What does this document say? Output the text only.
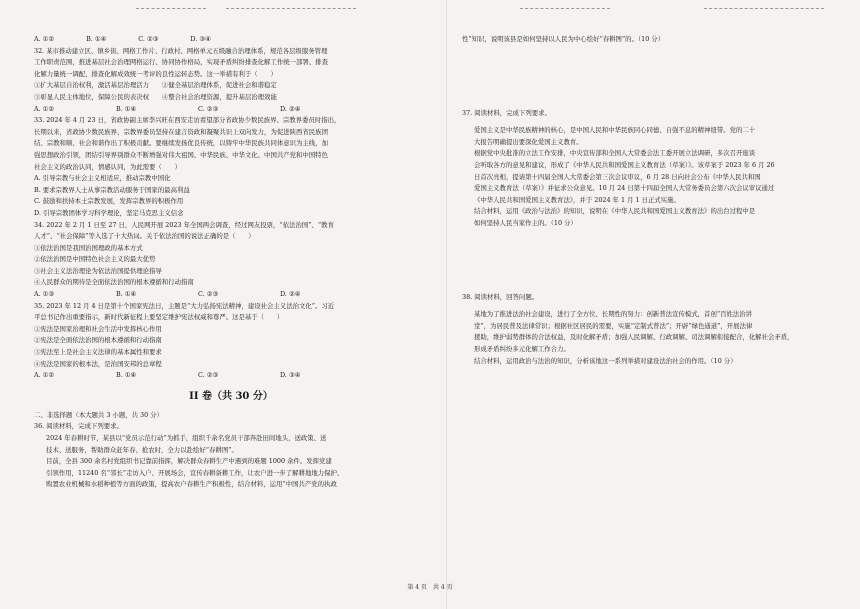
A. ①②　　　　　B. ①④　　　　　C. ②③　　　　　D. ③④
32. 某市推动建立区、镇乡街、网格工作片、行政村、网格单元五级融合治理体系，规范各层级服务管理
工作职责范围，推进基层社会治理网格运行、协同协作格局，实现矛盾纠纷排查化解工作统一部署、排查
化解力量统一调配、排查化解成效统一考评的良性运转态势。这一举措有利于（　　）
①扩大基层自治权利，激活基层治理活力　　②健全基层治理体系，促进社会和谐稳定
③彰显人民主体地位，保障公民的表决权　　④整合社会治理资源，提升基层治理效能
A. ①②	B. ①④	C. ②③	D. ②④
33. 2024 年 4 月 23 日，省政协副主席李兴旺在西安走访看望部分省政协少数民族界、宗教界委员时指出，
长期以来，省政协少数民族界、宗教界委员坚持在建言资政和凝聚共识上双向发力，为促进陕西省民族团
结、宗教和顺、社会和谐作出了积极贡献。要继续发扬优良传统，以铸牢中华民族共同体意识为主线，加
强思想政治引领，团结引导界别群众不断增强对伟大祖国、中华民族、中华文化、中国共产党和中国特色
社会主义的政治认同，情感认同，为此需要（　　）
A. 引导宗教与社会主义相适应，推动宗教中国化
B. 要求宗教界人士从事宗教活动服务于国家的最高利益
C. 鼓励和扶持本土宗教发展，发挥宗教界的积极作用
D. 引导宗教团体学习科学理论，坚定马克思主义信念
34. 2022 年 2 月 1 日至 27 日，人民网开展 2023 年全国两会调查，经过网友投票，“依法治国”、“教育
人才”、“社会保障”等入选了十大热词。关于依法治国的说法正确的是（　　）
①依法治国是我国治国理政的基本方式
②依法治国是中国特色社会主义的最大优势
③社会主义法治理论为依法治国提供理论指导
④人民群众的期待是全面依法治国的根本遵循和行动指南
A. ①③	B. ①④	C. ②③	D. ②④
35. 2023 年 12 月 4 日是第十个国家宪法日，主题是“大力弘扬宪法精神，建设社会主义法治文化”。习近
平总书记作出重要指示，新时代新征程上要坚定维护宪法权威和尊严。这是基于（　　）
①宪法是国家治理和社会生活中发挥核心作用
②宪法是全面依法治国的根本遵循和行动指南
③宪法至上是社会主义法律的基本属性和要求
④宪法是国家的根本法，是治国安邦的总章程
A. ①②	B. ①④	C. ②③	D. ③④
II 卷（共 30 分）
二、非选择题（本大题共 3 小题，共 30 分）
36. 阅读材料，完成下列要求。
2024 年春耕时节，某县以“党员示范行动”为抓手，组织千余名党员干部奔赴田间地头，送政策、送
技术、送服务，帮助群众赶年春、抢农时，全力以赴绘好“春耕图”。
目前，全县 300 余名村党组织书记靠前指挥，解决群众春耕生产中遇到的难题 1000 余件。发挥党建
引领作用，11240 名“邻长”走访入户、开展场会，宣传春耕备耕工作，让农户进一步了解耕地地力保护、
购置农业机械和水稻种植等方面的政策，提高农户春耕生产积极性，结合材料，运用“中国共产党的执政
性”知识，说明该县是如何坚持以人民为中心绘好“春耕图”的。（10 分）
37. 阅读材料，完成下列要求。
爱国主义是中华民族精神的核心，是中国人民和中华民族同心同德、自强不息的精神纽带。党的二十
大报告明确提出要深化爱国主义教育。
根据党中央批准的立法工作安排，中央宣传部和全国人大常委会法工委开展立法调研，多次召开座谈
会听取各方的意见和建议，形成了《中华人民共和国爱国主义教育法（草案）》。该草案于 2023 年 6 月 26
日首次亮相，提请第十四届全国人大常委会第三次会议审议，6 月 28 日向社会公布《中华人民共和国
爱国主义教育法（草案）》并征求公众意见。10 月 24 日第十四届全国人大常务委员会第六次会议审议通过
《中华人民共和国爱国主义教育法》，并于 2024 年 1 月 1 日正式实施。
结合材料，运用《政治与法治》的知识，说明在《中华人民共和国爱国主义教育法》的出台过程中是
如何坚持人民当家作主的。（10 分）
38. 阅读材料，回答问题。
某地为了推进法治社会建设，进行了全方位、长期性的努力：创新普法宣传模式，首创“百姓法治讲
堂”，为居民普及法律常识；根据社区居民的需要，实施“定制式普法”；开辟“绿色通道”，开展法律
援助，维护弱势群体的合法权益，及时化解矛盾；加强人民调解、行政调解、司法调解衔接配合，化解社会矛盾，
形成矛盾纠纷多元化解工作合力。
结合材料，运用政治与法治的知识，分析该地这一系列举措对建设法治社会的作用。（10 分）
第 4 页　共 4 页
